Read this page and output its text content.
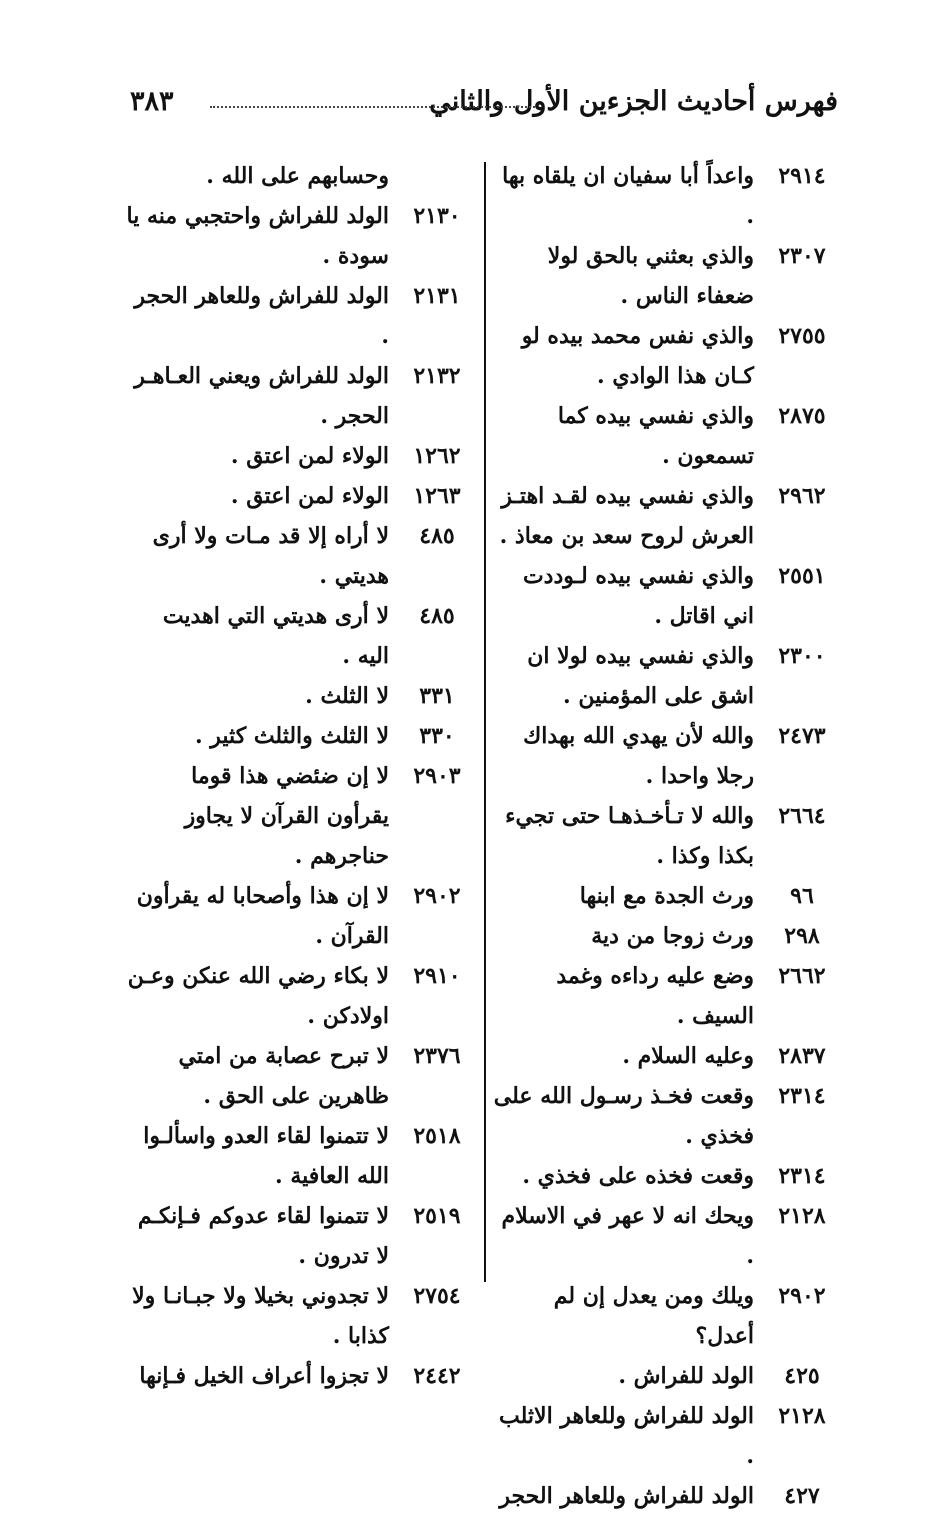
فهرس أحاديث الجزءين الأول والثاني
٣٨٣
٢٩١٤
واعداً أبا سفيان ان يلقاه بها .
٢٣٠٧
والذي بعثني بالحق لولا ضعفاء الناس .
٢٧٥٥
والذي نفس محمد بيده لو كـان هذا الوادي .
٢٨٧٥
والذي نفسي بيده كما تسمعون .
٢٩٦٢
والذي نفسي بيده لقـد اهتـز العرش لروح سعد بن معاذ .
٢٥٥١
والذي نفسي بيده لـوددت اني اقاتل .
٢٣٠٠
والذي نفسي بيده لولا ان اشق على المؤمنين .
٢٤٧٣
والله لأن يهدي الله بهداك رجلا واحدا .
٢٦٦٤
والله لا تـأخـذهـا حتى تجيء بكذا وكذا .
٩٦
ورث الجدة مع ابنها
٢٩٨
ورث زوجا من دية
٢٦٦٢
وضع عليه رداءه وغمد السيف .
٢٨٣٧
وعليه السلام .
٢٣١٤
وقعت فخـذ رسـول الله على فخذي .
٢٣١٤
وقعت فخذه على فخذي .
٢١٢٨
ويحك انه لا عهر في الاسلام .
٢٩٠٢
ويلك ومن يعدل إن لم أعدل؟
٤٢٥
الولد للفراش .
٢١٢٨
الولد للفراش وللعاهر الاثلب .
٤٢٧
الولد للفراش وللعاهر الحجر
وحسابهم على الله .
٢١٣٠
الولد للفراش واحتجبي منه يا سودة .
٢١٣١
الولد للفراش وللعاهر الحجر .
٢١٣٢
الولد للفراش ويعني العـاهـر الحجر .
١٢٦٢
الولاء لمن اعتق .
١٢٦٣
الولاء لمن اعتق .
٤٨٥
لا أراه إلا قد مـات ولا أرى هديتي .
٤٨٥
لا أرى هديتي التي اهديت اليه .
٣٣١
لا الثلث .
٣٣٠
لا الثلث والثلث كثير .
٢٩٠٣
لا إن ضئضي هذا قوما يقرأون القرآن لا يجاوز حناجرهم .
٢٩٠٢
لا إن هذا وأصحابا له يقرأون القرآن .
٢٩١٠
لا بكاء رضي الله عنكن وعـن اولادكن .
٢٣٧٦
لا تبرح عصابة من امتي ظاهرين على الحق .
٢٥١٨
لا تتمنوا لقاء العدو واسألـوا الله العافية .
٢٥١٩
لا تتمنوا لقاء عدوكم فـإنكـم لا تدرون .
٢٧٥٤
لا تجدوني بخيلا ولا جبـانـا ولا كذابا .
٢٤٤٢
لا تجزوا أعراف الخيل فـإنها
